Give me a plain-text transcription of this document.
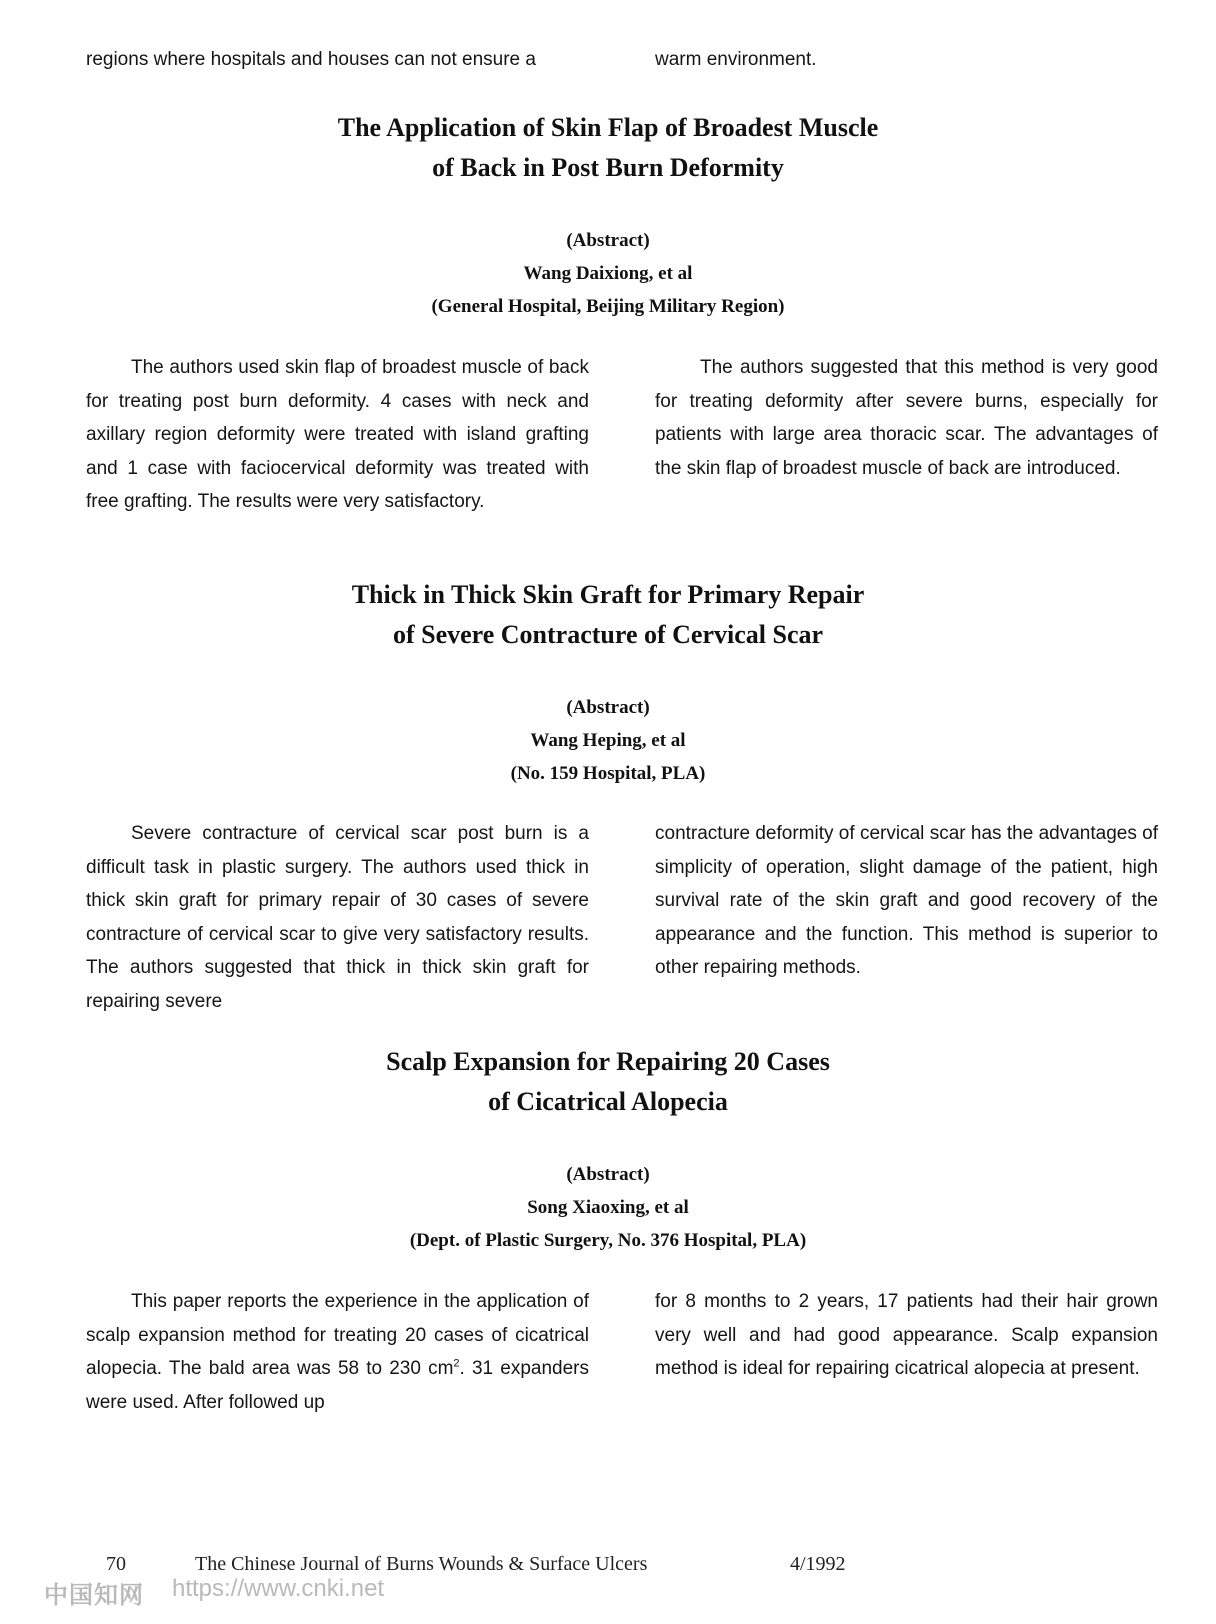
regions where hospitals and houses can not ensure a	warm environment.

The Application of Skin Flap of Broadest Muscle
of Back in Post Burn Deformity
(Abstract)
Wang Daixiong, et al
(General Hospital, Beijing Military Region)

The authors used skin flap of broadest muscle of back for treating post burn deformity. 4 cases with neck and axillary region deformity were treated with island grafting and 1 case with faciocervical deformity was treated with free grafting. The results were very satisfactory.

The authors suggested that this method is very good for treating deformity after severe burns, especially for patients with large area thoracic scar. The advantages of the skin flap of broadest muscle of back are introduced.

Thick in Thick Skin Graft for Primary Repair
of Severe Contracture of Cervical Scar
(Abstract)
Wang Heping, et al
(No. 159 Hospital, PLA)

Severe contracture of cervical scar post burn is a difficult task in plastic surgery. The authors used thick in thick skin graft for primary repair of 30 cases of severe contracture of cervical scar to give very satisfactory results. The authors suggested that thick in thick skin graft for repairing severe

contracture deformity of cervical scar has the advantages of simplicity of operation, slight damage of the patient, high survival rate of the skin graft and good recovery of the appearance and the function. This method is superior to other repairing methods.

Scalp Expansion for Repairing 20 Cases
of Cicatrical Alopecia
(Abstract)
Song Xiaoxing, et al
(Dept. of Plastic Surgery, No. 376 Hospital, PLA)

This paper reports the experience in the application of scalp expansion method for treating 20 cases of cicatrical alopecia. The bald area was 58 to 230 $cm^2$. 31 expanders were used. After followed up

for 8 months to 2 years, 17 patients had their hair grown very well and had good appearance. Scalp expansion method is ideal for repairing cicatrical alopecia at present.

70	The Chinese Journal of Burns Wounds & Surface Ulcers	4/1992
中国知网 https://www.cnki.net
